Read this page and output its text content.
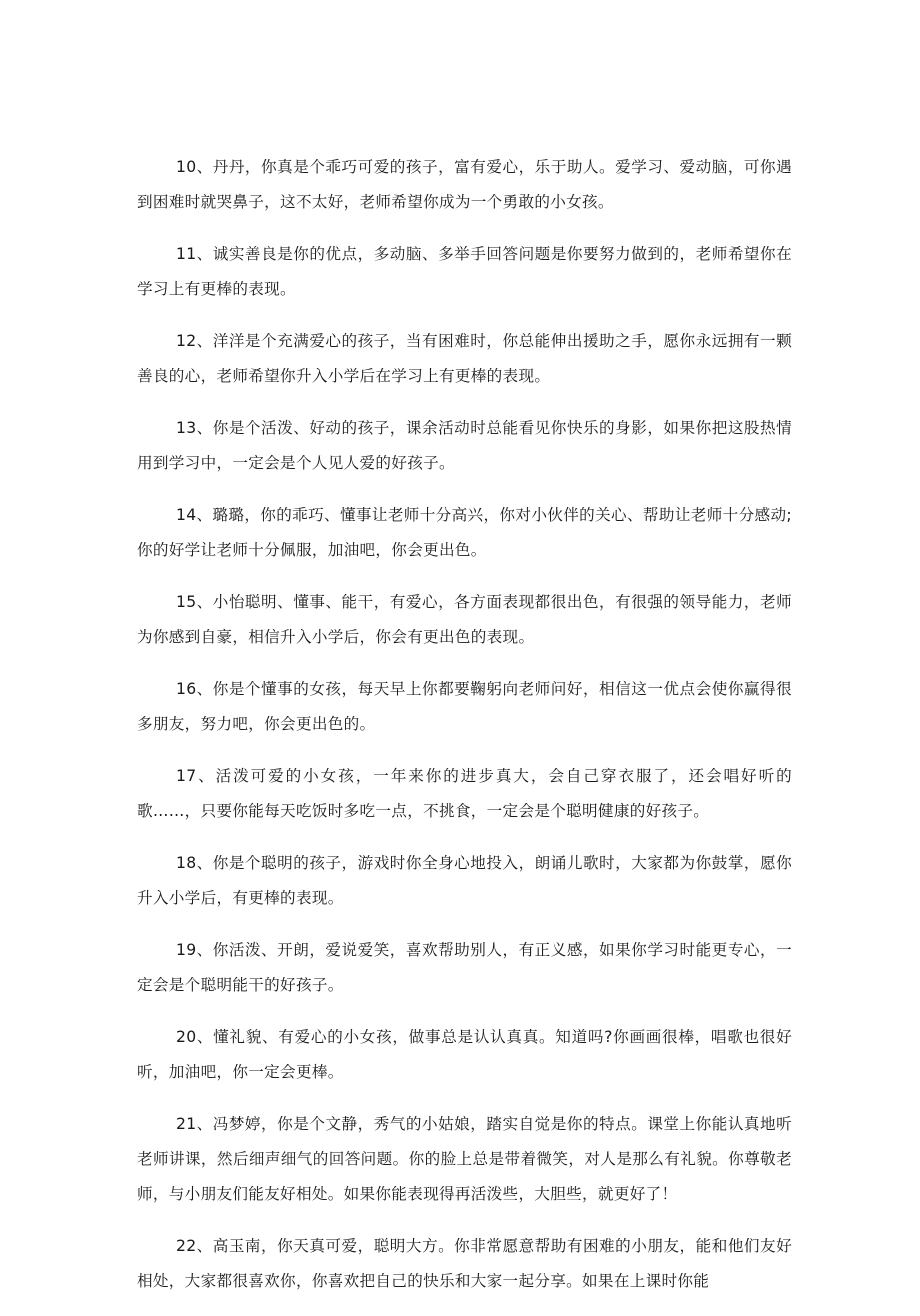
10、丹丹，你真是个乖巧可爱的孩子，富有爱心，乐于助人。爱学习、爱动脑，可你遇到困难时就哭鼻子，这不太好，老师希望你成为一个勇敢的小女孩。

11、诚实善良是你的优点，多动脑、多举手回答问题是你要努力做到的，老师希望你在学习上有更棒的表现。

12、洋洋是个充满爱心的孩子，当有困难时，你总能伸出援助之手，愿你永远拥有一颗善良的心，老师希望你升入小学后在学习上有更棒的表现。

13、你是个活泼、好动的孩子，课余活动时总能看见你快乐的身影，如果你把这股热情用到学习中，一定会是个人见人爱的好孩子。

14、璐璐，你的乖巧、懂事让老师十分高兴，你对小伙伴的关心、帮助让老师十分感动;你的好学让老师十分佩服，加油吧，你会更出色。

15、小怡聪明、懂事、能干，有爱心，各方面表现都很出色，有很强的领导能力，老师为你感到自豪，相信升入小学后，你会有更出色的表现。

16、你是个懂事的女孩，每天早上你都要鞠躬向老师问好，相信这一优点会使你赢得很多朋友，努力吧，你会更出色的。

17、活泼可爱的小女孩，一年来你的进步真大，会自己穿衣服了，还会唱好听的歌……，只要你能每天吃饭时多吃一点，不挑食，一定会是个聪明健康的好孩子。

18、你是个聪明的孩子，游戏时你全身心地投入，朗诵儿歌时，大家都为你鼓掌，愿你升入小学后，有更棒的表现。

19、你活泼、开朗，爱说爱笑，喜欢帮助别人，有正义感，如果你学习时能更专心，一定会是个聪明能干的好孩子。

20、懂礼貌、有爱心的小女孩，做事总是认认真真。知道吗?你画画很棒，唱歌也很好听，加油吧，你一定会更棒。

21、冯梦婷，你是个文静，秀气的小姑娘，踏实自觉是你的特点。课堂上你能认真地听老师讲课，然后细声细气的回答问题。你的脸上总是带着微笑，对人是那么有礼貌。你尊敬老师，与小朋友们能友好相处。如果你能表现得再活泼些，大胆些，就更好了！

22、高玉南，你天真可爱，聪明大方。你非常愿意帮助有困难的小朋友，能和他们友好相处，大家都很喜欢你，你喜欢把自己的快乐和大家一起分享。如果在上课时你能
